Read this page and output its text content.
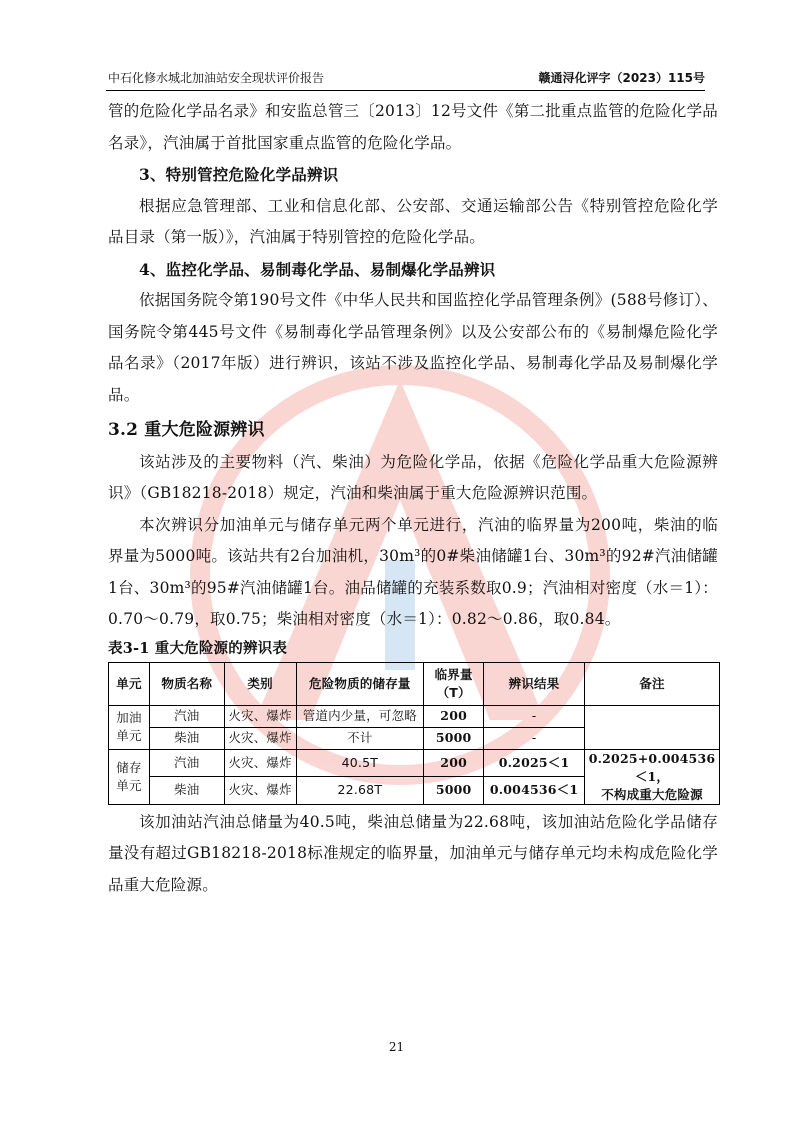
中石化修水城北加油站安全现状评价报告	赣通浔化评字（2023）115号

管的危险化学品名录》和安监总管三〔2013〕12号文件《第二批重点监管的危险化学品名录》，汽油属于首批国家重点监管的危险化学品。

3、特别管控危险化学品辨识

根据应急管理部、工业和信息化部、公安部、交通运输部公告《特别管控危险化学品目录（第一版）》，汽油属于特别管控的危险化学品。

4、监控化学品、易制毒化学品、易制爆化学品辨识

依据国务院令第190号文件《中华人民共和国监控化学品管理条例》(588号修订）、国务院令第445号文件《易制毒化学品管理条例》以及公安部公布的《易制爆危险化学品名录》（2017年版）进行辨识，该站不涉及监控化学品、易制毒化学品及易制爆化学品。

3.2 重大危险源辨识

该站涉及的主要物料（汽、柴油）为危险化学品，依据《危险化学品重大危险源辨识》（GB18218-2018）规定，汽油和柴油属于重大危险源辨识范围。

本次辨识分加油单元与储存单元两个单元进行，汽油的临界量为200吨，柴油的临界量为5000吨。该站共有2台加油机，30m³的0#柴油储罐1台、30m³的92#汽油储罐1台、30m³的95#汽油储罐1台。油品储罐的充装系数取0.9；汽油相对密度（水＝1）：0.70～0.79，取0.75；柴油相对密度（水＝1）：0.82～0.86，取0.84。

表3-1 重大危险源的辨识表

单元	物质名称	类别	危险物质的储存量	临界量（T）	辨识结果	备注
加油
单元	汽油	火灾、爆炸	管道内少量，可忽略	200	-	
	柴油	火灾、爆炸	不计	5000	-	
储存
单元	汽油	火灾、爆炸	40.5T	200	0.2025＜1	0.2025+0.004536＜1，
不构成重大危险源
	柴油	火灾、爆炸	22.68T	5000	0.004536＜1	

该加油站汽油总储量为40.5吨，柴油总储量为22.68吨，该加油站危险化学品储存量没有超过GB18218-2018标准规定的临界量，加油单元与储存单元均未构成危险化学品重大危险源。

21
